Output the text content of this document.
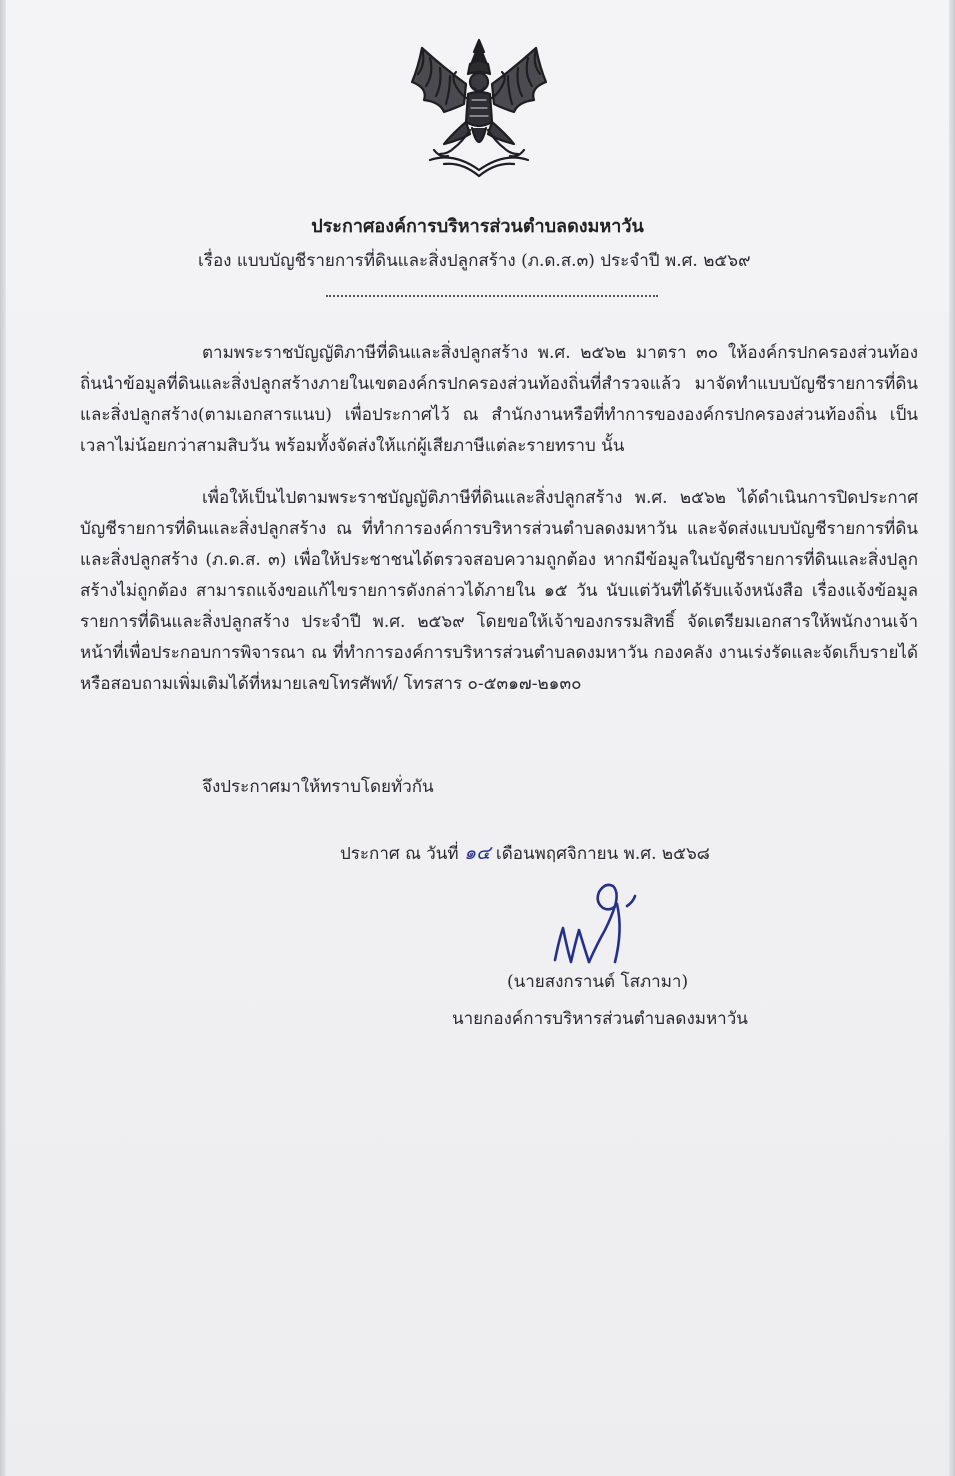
ประกาศองค์การบริหารส่วนตำบลดงมหาวัน
เรื่อง แบบบัญชีรายการที่ดินและสิ่งปลูกสร้าง (ภ.ด.ส.๓) ประจำปี พ.ศ. ๒๕๖๙
ตามพระราชบัญญัติภาษีที่ดินและสิ่งปลูกสร้าง พ.ศ. ๒๕๖๒ มาตรา ๓๐ ให้องค์กรปกครองส่วนท้องถิ่นนำข้อมูลที่ดินและสิ่งปลูกสร้างภายในเขตองค์กรปกครองส่วนท้องถิ่นที่สำรวจแล้ว มาจัดทำแบบบัญชีรายการที่ดินและสิ่งปลูกสร้าง(ตามเอกสารแนบ) เพื่อประกาศไว้ ณ สำนักงานหรือที่ทำการขององค์กรปกครองส่วนท้องถิ่น เป็นเวลาไม่น้อยกว่าสามสิบวัน พร้อมทั้งจัดส่งให้แก่ผู้เสียภาษีแต่ละรายทราบ นั้น
เพื่อให้เป็นไปตามพระราชบัญญัติภาษีที่ดินและสิ่งปลูกสร้าง พ.ศ. ๒๕๖๒ ได้ดำเนินการปิดประกาศบัญชีรายการที่ดินและสิ่งปลูกสร้าง ณ ที่ทำการองค์การบริหารส่วนตำบลดงมหาวัน และจัดส่งแบบบัญชีรายการที่ดินและสิ่งปลูกสร้าง (ภ.ด.ส. ๓) เพื่อให้ประชาชนได้ตรวจสอบความถูกต้อง หากมีข้อมูลในบัญชีรายการที่ดินและสิ่งปลูกสร้างไม่ถูกต้อง สามารถแจ้งขอแก้ไขรายการดังกล่าวได้ภายใน ๑๕ วัน นับแต่วันที่ได้รับแจ้งหนังสือ เรื่องแจ้งข้อมูลรายการที่ดินและสิ่งปลูกสร้าง ประจำปี พ.ศ. ๒๕๖๙ โดยขอให้เจ้าของกรรมสิทธิ์ จัดเตรียมเอกสารให้พนักงานเจ้าหน้าที่เพื่อประกอบการพิจารณา ณ ที่ทำการองค์การบริหารส่วนตำบลดงมหาวัน กองคลัง งานเร่งรัดและจัดเก็บรายได้ หรือสอบถามเพิ่มเติมได้ที่หมายเลขโทรศัพท์/ โทรสาร ๐-๕๓๑๗-๒๑๓๐
จึงประกาศมาให้ทราบโดยทั่วกัน
ประกาศ ณ วันที่ ๑๔ เดือนพฤศจิกายน พ.ศ. ๒๕๖๘
(นายสงกรานต์ โสภามา)
นายกองค์การบริหารส่วนตำบลดงมหาวัน
